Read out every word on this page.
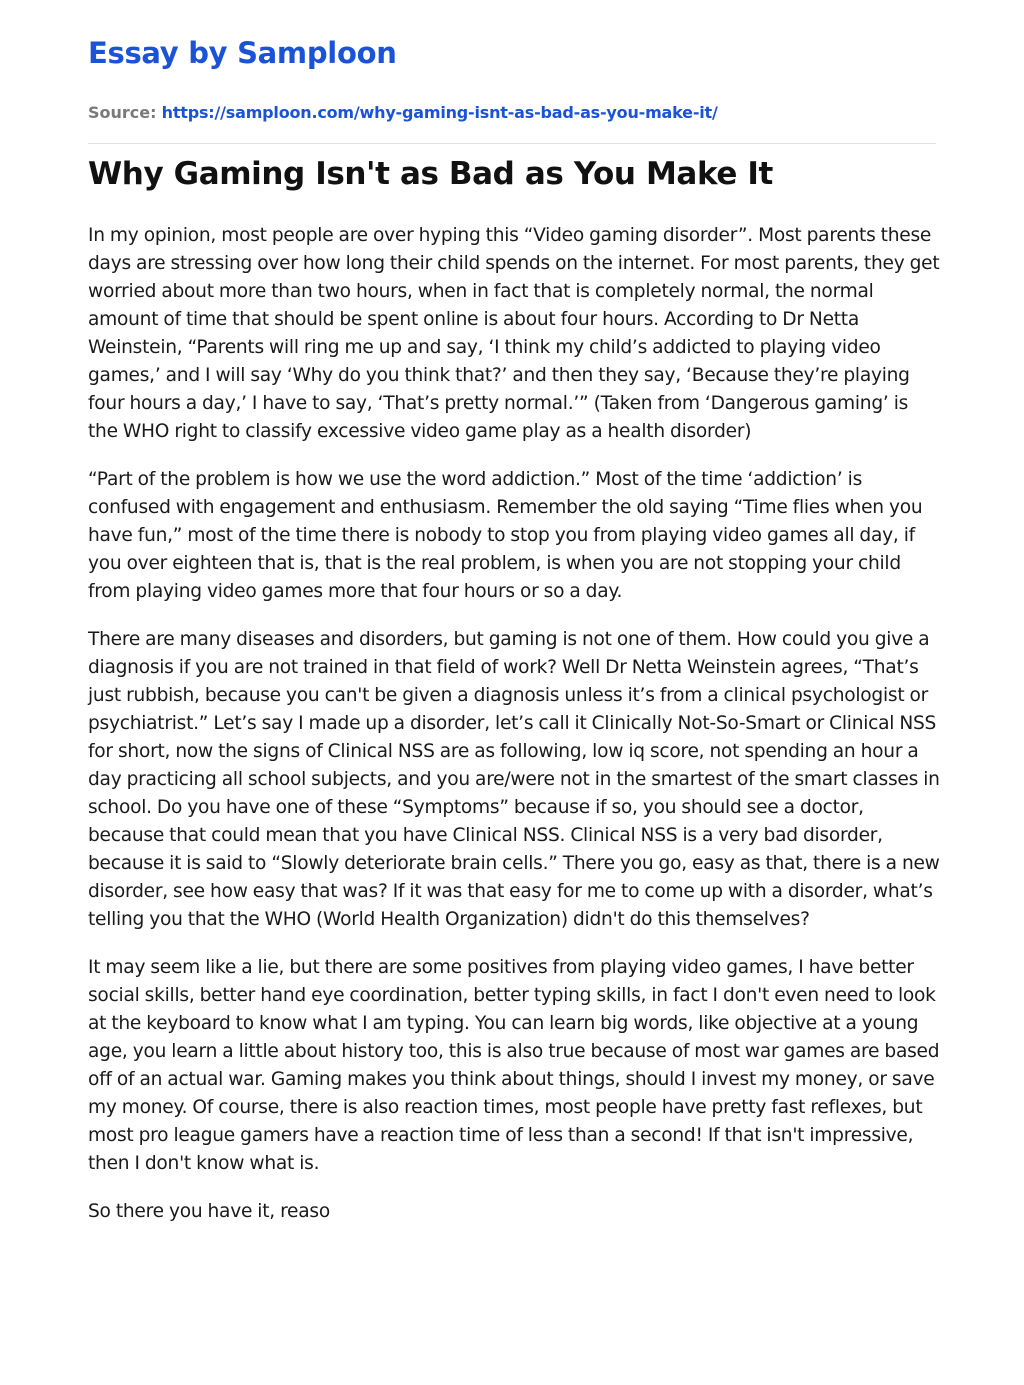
Essay by Samploon
Source: https://samploon.com/why-gaming-isnt-as-bad-as-you-make-it/
Why Gaming Isn't as Bad as You Make It

In my opinion, most people are over hyping this “Video gaming disorder”. Most parents these days are stressing over how long their child spends on the internet. For most parents, they get worried about more than two hours, when in fact that is completely normal, the normal amount of time that should be spent online is about four hours. According to Dr Netta Weinstein, “Parents will ring me up and say, ‘I think my child’s addicted to playing video games,’ and I will say ‘Why do you think that?’ and then they say, ‘Because they’re playing four hours a day,’ I have to say, ‘That’s pretty normal.’” (Taken from ‘Dangerous gaming’ is the WHO right to classify excessive video game play as a health disorder)

“Part of the problem is how we use the word addiction.” Most of the time ‘addiction’ is confused with engagement and enthusiasm. Remember the old saying “Time flies when you have fun,” most of the time there is nobody to stop you from playing video games all day, if you over eighteen that is, that is the real problem, is when you are not stopping your child from playing video games more that four hours or so a day.

There are many diseases and disorders, but gaming is not one of them. How could you give a diagnosis if you are not trained in that field of work? Well Dr Netta Weinstein agrees, “That’s just rubbish, because you can't be given a diagnosis unless it’s from a clinical psychologist or psychiatrist.” Let’s say I made up a disorder, let’s call it Clinically Not-So-Smart or Clinical NSS for short, now the signs of Clinical NSS are as following, low iq score, not spending an hour a day practicing all school subjects, and you are/were not in the smartest of the smart classes in school. Do you have one of these “Symptoms” because if so, you should see a doctor, because that could mean that you have Clinical NSS. Clinical NSS is a very bad disorder, because it is said to “Slowly deteriorate brain cells.” There you go, easy as that, there is a new disorder, see how easy that was? If it was that easy for me to come up with a disorder, what’s telling you that the WHO (World Health Organization) didn't do this themselves?

It may seem like a lie, but there are some positives from playing video games, I have better social skills, better hand eye coordination, better typing skills, in fact I don't even need to look at the keyboard to know what I am typing. You can learn big words, like objective at a young age, you learn a little about history too, this is also true because of most war games are based off of an actual war. Gaming makes you think about things, should I invest my money, or save my money. Of course, there is also reaction times, most people have pretty fast reflexes, but most pro league gamers have a reaction time of less than a second! If that isn't impressive, then I don't know what is.

So there you have it, reaso
